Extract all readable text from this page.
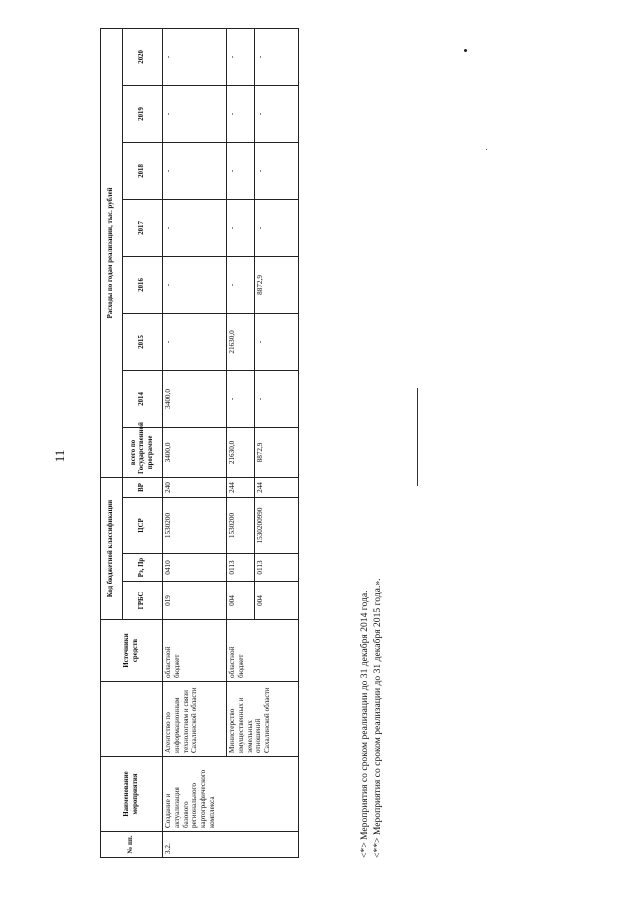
11
№ пп.	Наименование мероприятия		Источники средств	Код бюджетной классификации				Расходы по годам реализации, тыс. рублей							
				ГРБС	Рз, Пр	ЦСР	ВР	всего по Государственной программе	2014	2015	2016	2017	2018	2019	2020
3.2.	Создание и актуализация базового регионального картографического комплекса	Агентство по информационным технологиям и связи Сахалинской области	областной бюджет	019	0410	1530200	240	3400,0	3400,0	-	-	-	-	-	-
		Министерство имущественных и земельных отношений Сахалинской области	областной бюджет	004	0113	1530200	244	21630,0	-	21630,0	-	-	-	-	-
				004	0113	1530200990	244	8872,9	-	-	8872,9	-	-	-	-
<*> Мероприятия со сроком реализации до 31 декабря 2014 года. <**> Мероприятия со сроком реализации до 31 декабря 2015 года.».
